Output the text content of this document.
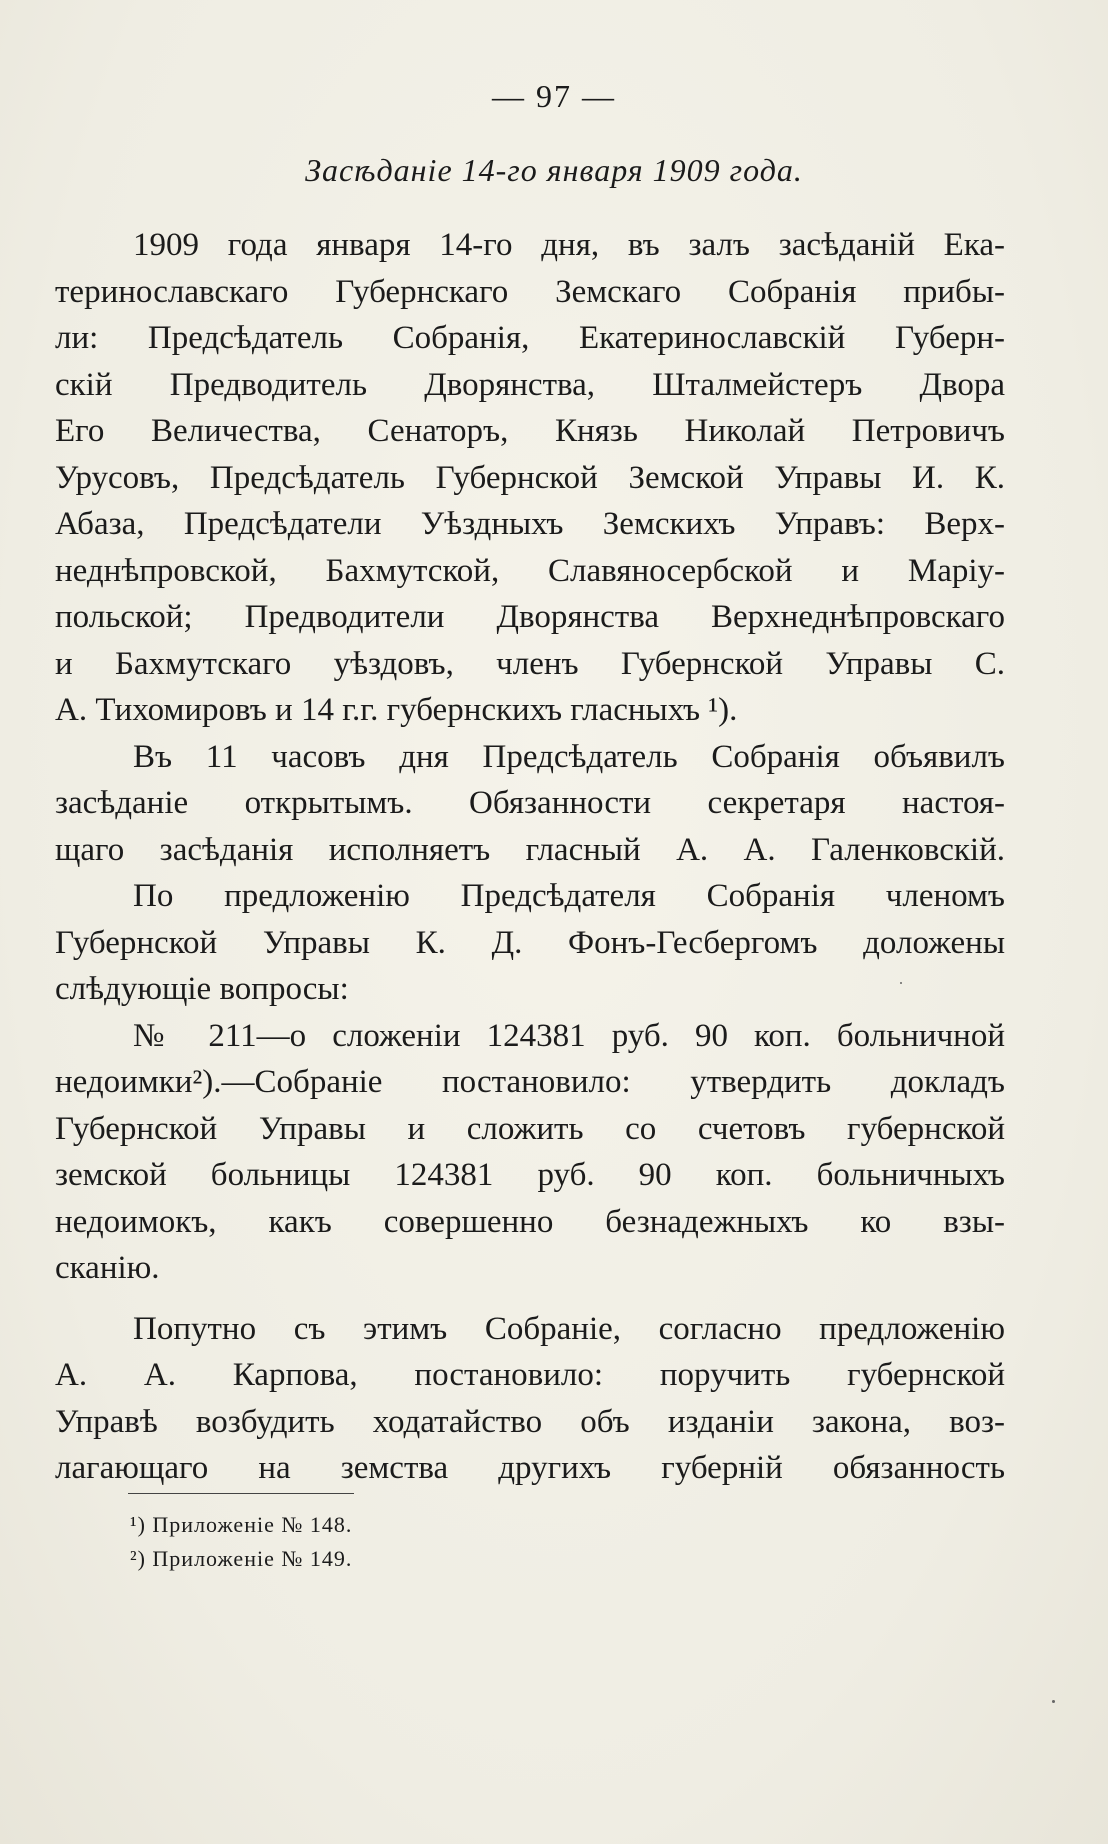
— 97 —
Засѣданіе 14-го января 1909 года.
1909 года января 14-го дня, въ залъ засѣданій Ека-
теринославскаго Губернскаго Земскаго Собранія прибы-
ли: Предсѣдатель Собранія, Екатеринославскій Губерн-
скій Предводитель Дворянства, Шталмейстеръ Двора
Его Величества, Сенаторъ, Князь Николай Петровичъ
Урусовъ, Предсѣдатель Губернской Земской Управы И. К.
Абаза, Предсѣдатели Уѣздныхъ Земскихъ Управъ: Верх-
неднѣпровской, Бахмутской, Славяносербской и Маріу-
польской; Предводители Дворянства Верхнеднѣпровскаго
и Бахмутскаго уѣздовъ, членъ Губернской Управы С.
А. Тихомировъ и 14 г.г. губернскихъ гласныхъ ¹).
Въ 11 часовъ дня Предсѣдатель Собранія объявилъ
засѣданіе открытымъ. Обязанности секретаря настоя-
щаго засѣданія исполняетъ гласный А. А. Галенковскій.
По предложенію Предсѣдателя Собранія членомъ
Губернской Управы К. Д. Фонъ-Гесбергомъ доложены
слѣдующіе вопросы:
№ 211—о сложеніи 124381 руб. 90 коп. больничной
недоимки²).—Собраніе постановило: утвердить докладъ
Губернской Управы и сложить со счетовъ губернской
земской больницы 124381 руб. 90 коп. больничныхъ
недоимокъ, какъ совершенно безнадежныхъ ко взы-
сканію.
Попутно съ этимъ Собраніе, согласно предложенію
А. А. Карпова, постановило: поручить губернской
Управѣ возбудить ходатайство объ изданіи закона, воз-
лагающаго на земства другихъ губерній обязанность
¹) Приложеніе № 148.
²) Приложеніе № 149.
